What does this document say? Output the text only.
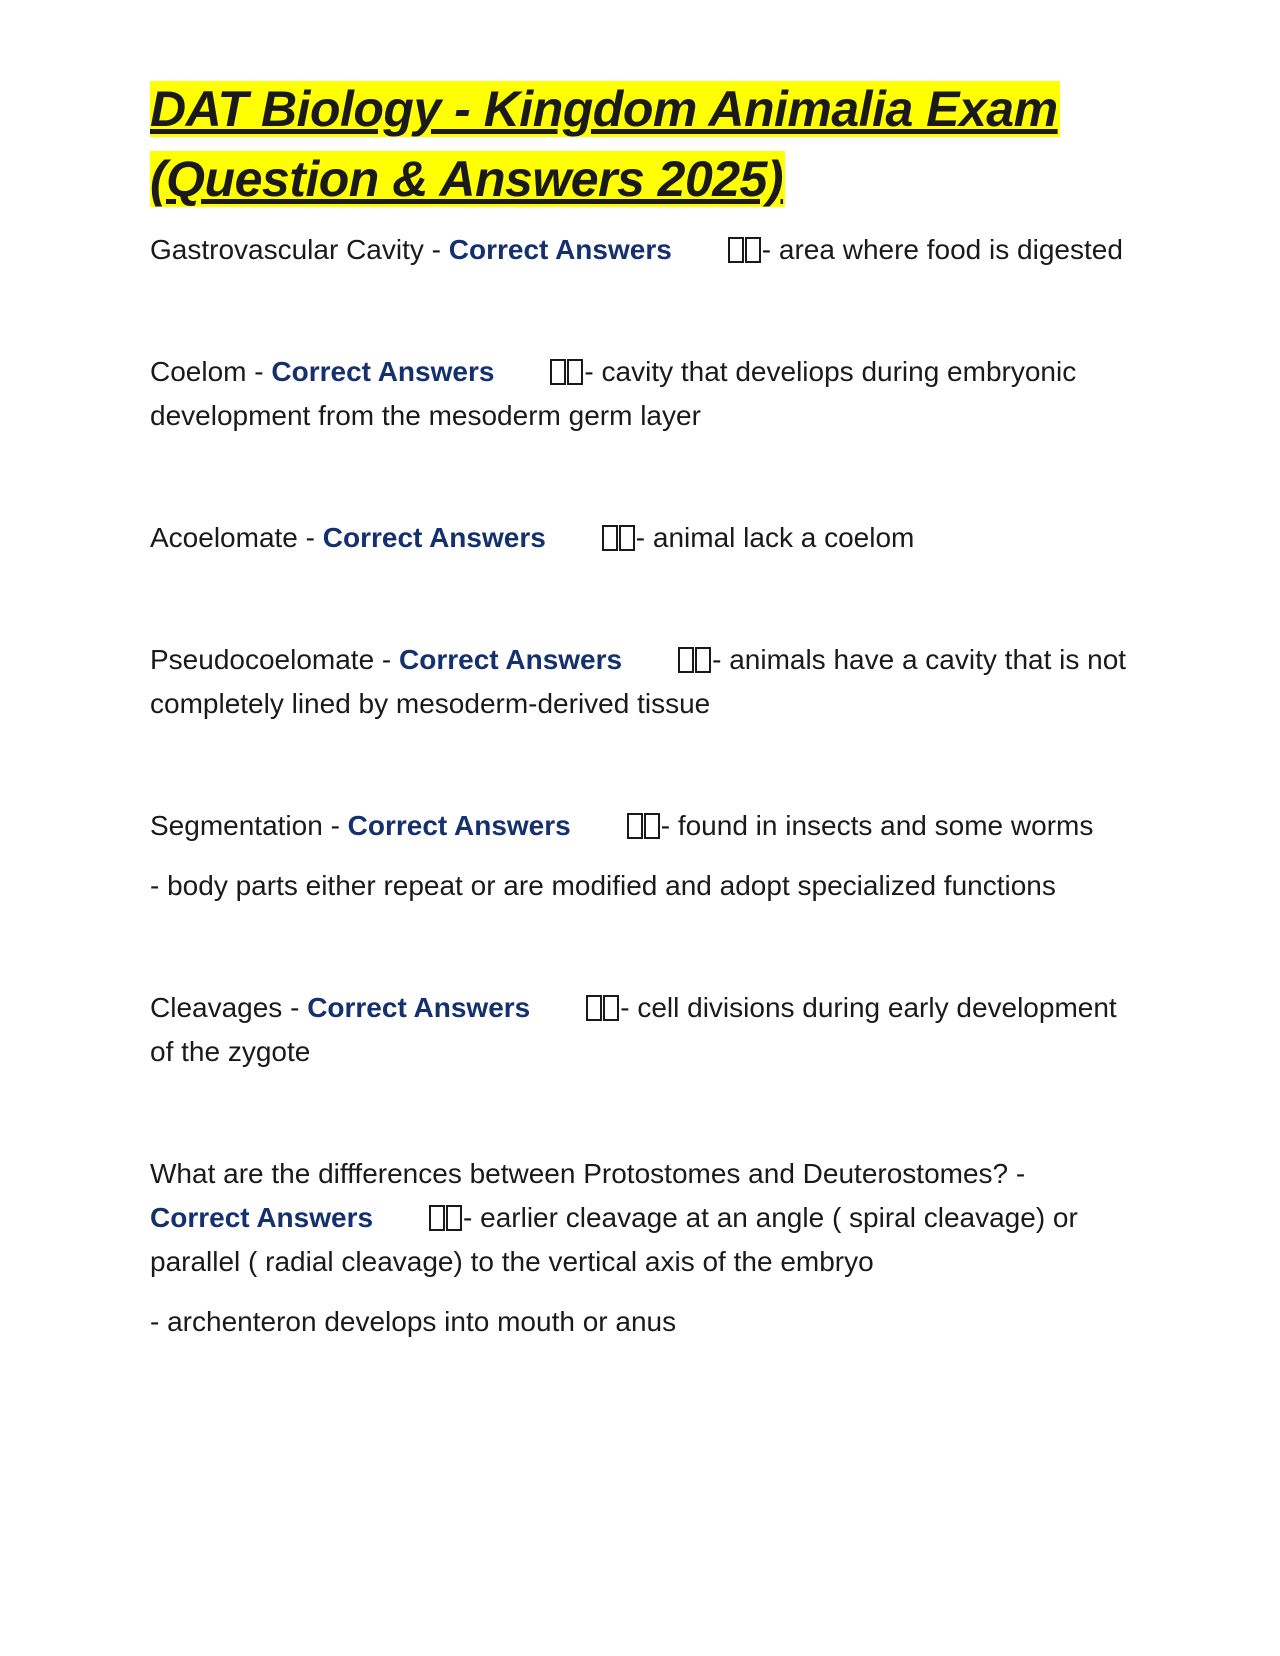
DAT Biology - Kingdom Animalia Exam (Question & Answers 2025)

Gastrovascular Cavity - Correct Answers	- area where food is digested

Coelom - Correct Answers	- cavity that develiops during embryonic development from the mesoderm germ layer

Acoelomate - Correct Answers	- animal lack a coelom

Pseudocoelomate - Correct Answers	- animals have a cavity that is not completely lined by mesoderm-derived tissue

Segmentation - Correct Answers	- found in insects and some worms

- body parts either repeat or are modified and adopt specialized functions

Cleavages - Correct Answers	- cell divisions during early development of the zygote

What are the diffferences between Protostomes and Deuterostomes? - Correct Answers	- earlier cleavage at an angle ( spiral cleavage) or parallel ( radial cleavage) to the vertical axis of the embryo

- archenteron develops into mouth or anus
